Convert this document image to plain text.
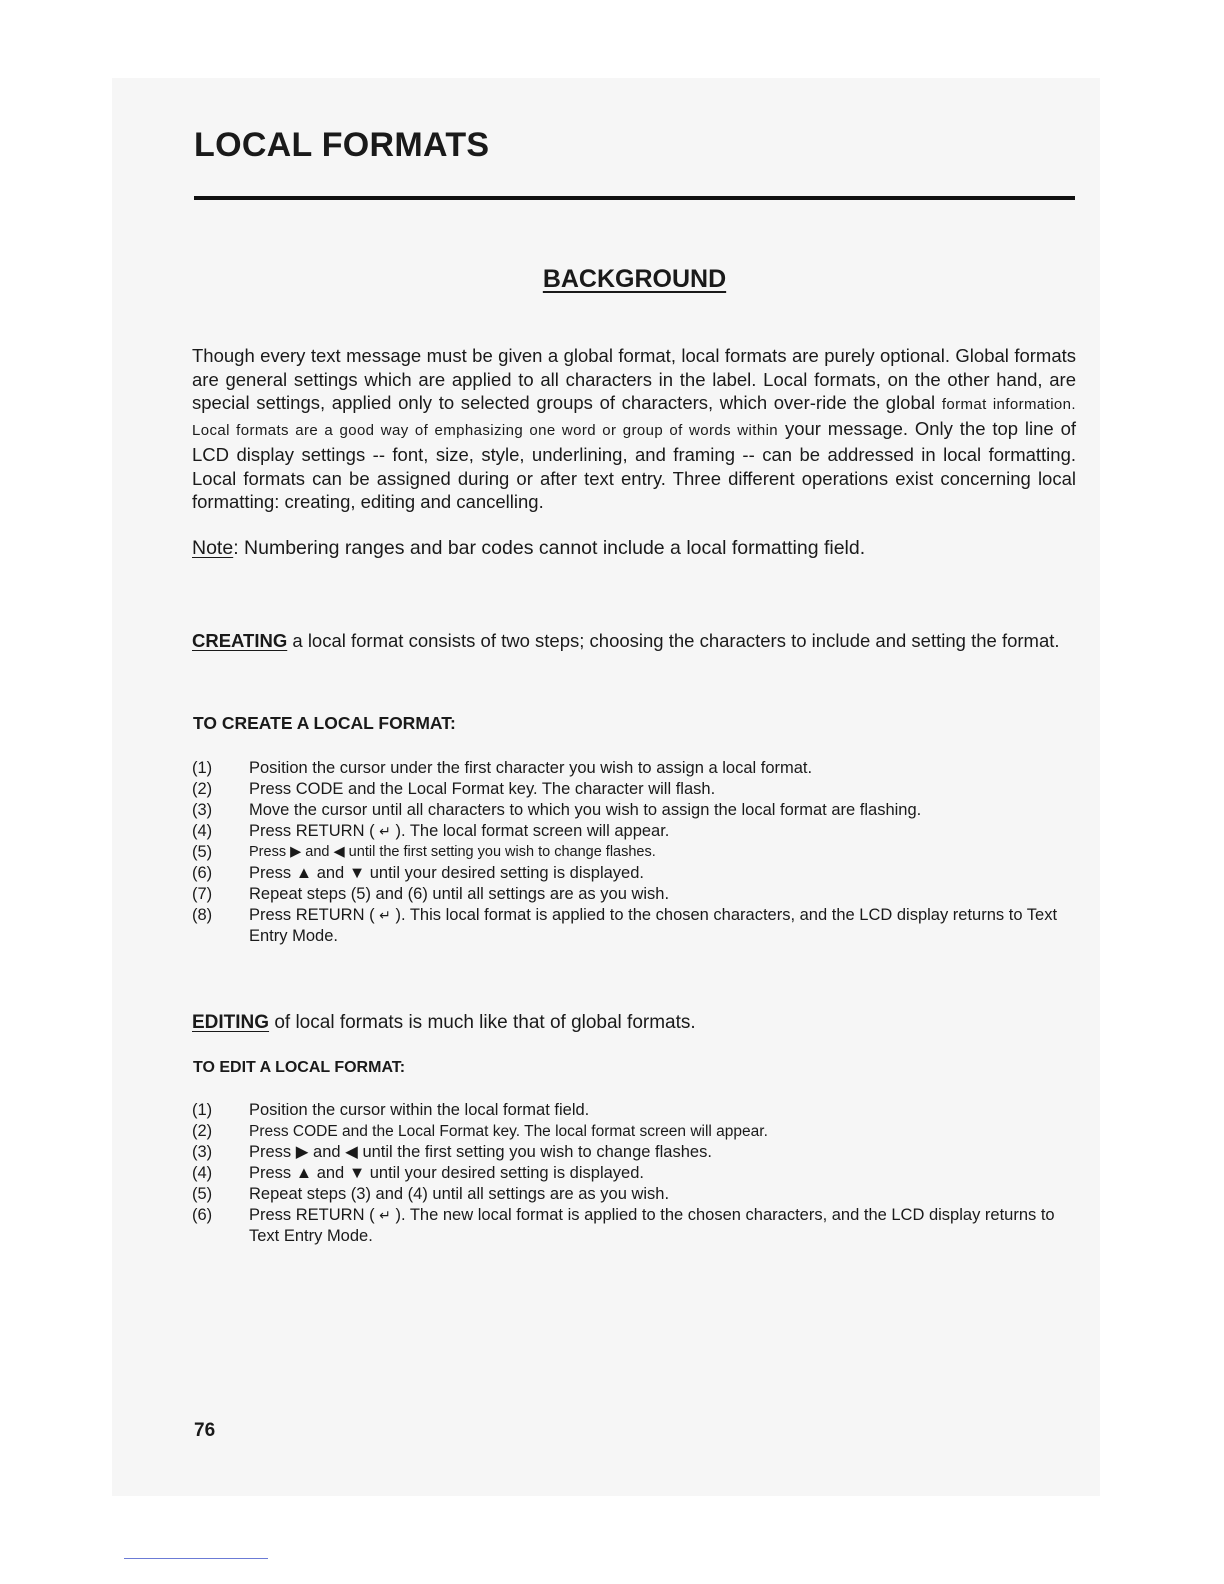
LOCAL FORMATS
BACKGROUND

Though every text message must be given a global format, local formats are purely optional. Global formats are general settings which are applied to all characters in the label. Local formats, on the other hand, are special settings, applied only to selected groups of characters, which over-ride the global format information. Local formats are a good way of emphasizing one word or group of words within your message. Only the top line of LCD display settings -- font, size, style, underlining, and framing -- can be addressed in local formatting. Local formats can be assigned during or after text entry. Three different operations exist concerning local formatting: creating, editing and cancelling.

Note: Numbering ranges and bar codes cannot include a local formatting field.

CREATING a local format consists of two steps; choosing the characters to include and setting the format.

TO CREATE A LOCAL FORMAT:
(1)	Position the cursor under the first character you wish to assign a local format.
(2)	Press CODE and the Local Format key. The character will flash.
(3)	Move the cursor until all characters to which you wish to assign the local format are flashing.
(4)	Press RETURN ( ↵ ). The local format screen will appear.
(5)	Press ▶ and ◀ until the first setting you wish to change flashes.
(6)	Press ▲ and ▼ until your desired setting is displayed.
(7)	Repeat steps (5) and (6) until all settings are as you wish.
(8)	Press RETURN ( ↵ ). This local format is applied to the chosen characters, and the LCD display returns to Text Entry Mode.

EDITING of local formats is much like that of global formats.

TO EDIT A LOCAL FORMAT:
(1)	Position the cursor within the local format field.
(2)	Press CODE and the Local Format key. The local format screen will appear.
(3)	Press ▶ and ◀ until the first setting you wish to change flashes.
(4)	Press ▲ and ▼ until your desired setting is displayed.
(5)	Repeat steps (3) and (4) until all settings are as you wish.
(6)	Press RETURN ( ↵ ). The new local format is applied to the chosen characters, and the LCD display returns to Text Entry Mode.
76
